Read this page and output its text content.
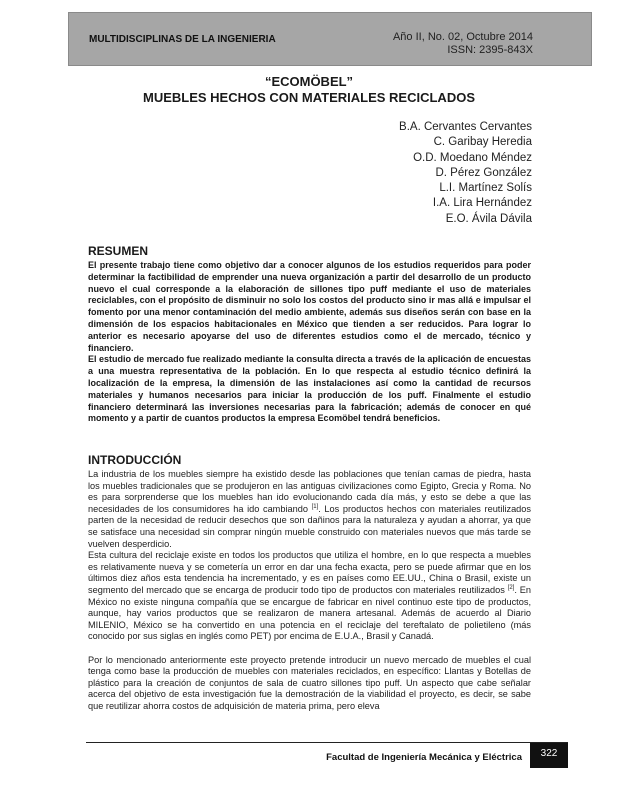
MULTIDISCIPLINAS DE LA INGENIERIA	Año II, No. 02, Octubre 2014
ISSN: 2395-843X
“ECOMÖBEL”
MUEBLES HECHOS CON MATERIALES RECICLADOS
B.A. Cervantes Cervantes
C. Garibay Heredia
O.D. Moedano Méndez
D. Pérez González
L.I. Martínez Solís
I.A. Lira Hernández
E.O. Ávila Dávila
RESUMEN

El presente trabajo tiene como objetivo dar a conocer algunos de los estudios requeridos para poder determinar la factibilidad de emprender una nueva organización a partir del desarrollo de un producto nuevo el cual corresponde a la elaboración de sillones tipo puff mediante el uso de materiales reciclables, con el propósito de disminuir no solo los costos del producto sino ir mas allá e impulsar el fomento por una menor contaminación del medio ambiente, además sus diseños serán con base en la dimensión de los espacios habitacionales en México que tienden a ser reducidos. Para lograr lo anterior es necesario apoyarse del uso de diferentes estudios como el de mercado, técnico y financiero.

El estudio de mercado fue realizado mediante la consulta directa a través de la aplicación de encuestas a una muestra representativa de la población. En lo que respecta al estudio técnico definirá la localización de la empresa, la dimensión de las instalaciones así como la cantidad de recursos materiales y humanos necesarios para iniciar la producción de los puff. Finalmente el estudio financiero determinará las inversiones necesarias para la fabricación; además de conocer en qué momento y a partir de cuantos productos la empresa Ecomöbel tendrá beneficios.

INTRODUCCIÓN

La industria de los muebles siempre ha existido desde las poblaciones que tenían camas de piedra, hasta los muebles tradicionales que se produjeron en las antiguas civilizaciones como Egipto, Grecia y Roma. No es para sorprenderse que los muebles han ido evolucionando cada día más, y esto se debe a que las necesidades de los consumidores ha ido cambiando [1]. Los productos hechos con materiales reutilizados parten de la necesidad de reducir desechos que son dañinos para la naturaleza y ayudan a ahorrar, ya que se satisface una necesidad sin comprar ningún mueble construido con materiales nuevos que más tarde se vuelven desperdicio.

Esta cultura del reciclaje existe en todos los productos que utiliza el hombre, en lo que respecta a muebles es relativamente nueva y se cometería un error en dar una fecha exacta, pero se puede afirmar que en los últimos diez años esta tendencia ha incrementado, y es en países como EE.UU., China o Brasil, existe un segmento del mercado que se encarga de producir todo tipo de productos con materiales reutilizados [2]. En México no existe ninguna compañía que se encargue de fabricar en nivel continuo este tipo de productos, aunque, hay varios productos que se realizaron de manera artesanal. Además de acuerdo al Diario MILENIO, México se ha convertido en una potencia en el reciclaje del tereftalato de polietileno (más conocido por sus siglas en inglés como PET) por encima de E.U.A., Brasil y Canadá.

Por lo mencionado anteriormente este proyecto pretende introducir un nuevo mercado de muebles el cual tenga como base la producción de muebles con materiales reciclados, en específico: Llantas y Botellas de plástico para la creación de conjuntos de sala de cuatro sillones tipo puff. Un aspecto que cabe señalar acerca del objetivo de esta investigación fue la demostración de la viabilidad el proyecto, es decir, se sabe que reutilizar ahorra costos de adquisición de materia prima, pero eleva

Facultad de Ingeniería Mecánica y Eléctrica	322
